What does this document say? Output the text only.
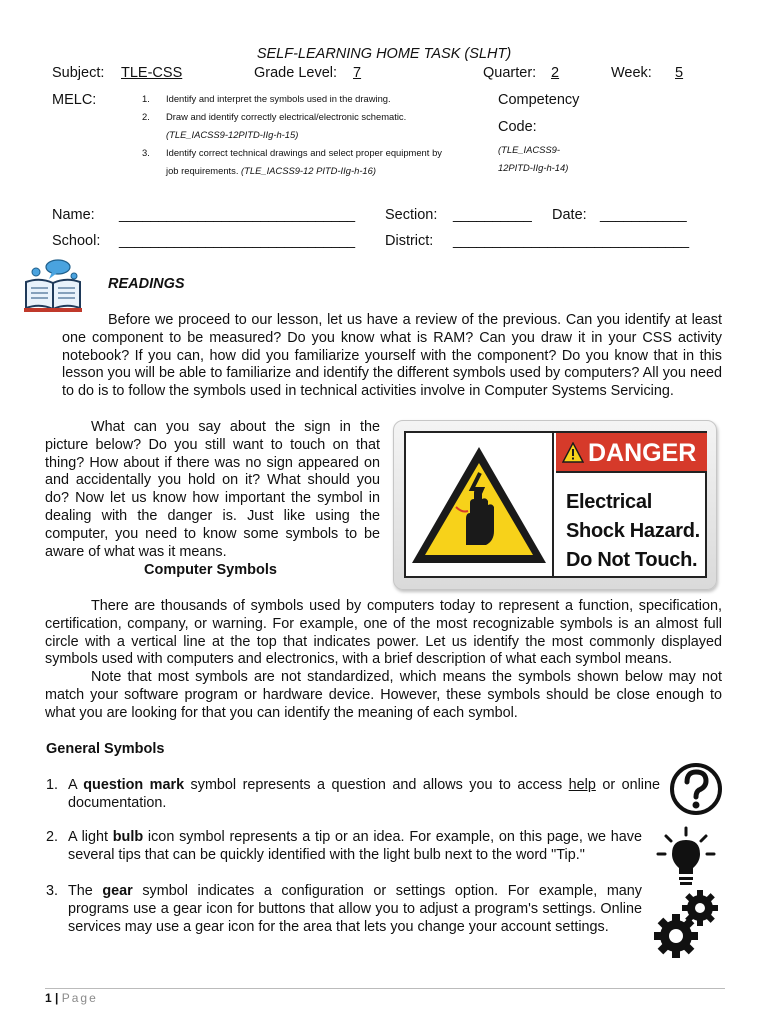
SELF-LEARNING HOME TASK (SLHT)
Subject: TLE-CSS	Grade Level: 7	Quarter: 2	Week: 5
MELC:	1.	Identify and interpret the symbols used in the drawing.
2.	Draw and identify correctly electrical/electronic schematic.
(TLE_IACSS9-12PITD-IIg-h-15)
3.	Identify correct technical drawings and select proper equipment by job requirements. (TLE_IACSS9-12 PITD-IIg-h-16)
Competency
Code:
(TLE_IACSS9-
12PITD-IIg-h-14)
Name: ______________________________ Section: __________ Date: ___________
School: ______________________________ District: ______________________________
READINGS
Before we proceed to our lesson, let us have a review of the previous. Can you identify at least one component to be measured? Do you know what is RAM? Can you draw it in your CSS activity notebook? If you can, how did you familiarize yourself with the component? Do you know that in this lesson you will be able to familiarize and identify the different symbols used by computers? All you need to do is to follow the symbols used in technical activities involve in Computer Systems Servicing.
What can you say about the sign in the picture below? Do you still want to touch on that thing? How about if there was no sign appeared on and accidentally you hold on it? What should you do? Now let us know how important the symbol in dealing with the danger is. Just like using the computer, you need to know some symbols to be aware of what was it means.
Computer Symbols
DANGER
Electrical
Shock Hazard.
Do Not Touch.
There are thousands of symbols used by computers today to represent a function, specification, certification, company, or warning. For example, one of the most recognizable symbols is an almost full circle with a vertical line at the top that indicates power. Let us identify the most commonly displayed symbols used with computers and electronics, with a brief description of what each symbol means.
Note that most symbols are not standardized, which means the symbols shown below may not match your software program or hardware device. However, these symbols should be close enough to what you are looking for that you can identify the meaning of each symbol.
General Symbols
1. A question mark symbol represents a question and allows you to access help or online documentation.
2. A light bulb icon symbol represents a tip or an idea. For example, on this page, we have several tips that can be quickly identified with the light bulb next to the word "Tip."
3. The gear symbol indicates a configuration or settings option. For example, many programs use a gear icon for buttons that allow you to adjust a program's settings. Online services may use a gear icon for the area that lets you change your account settings.
1 | Page
